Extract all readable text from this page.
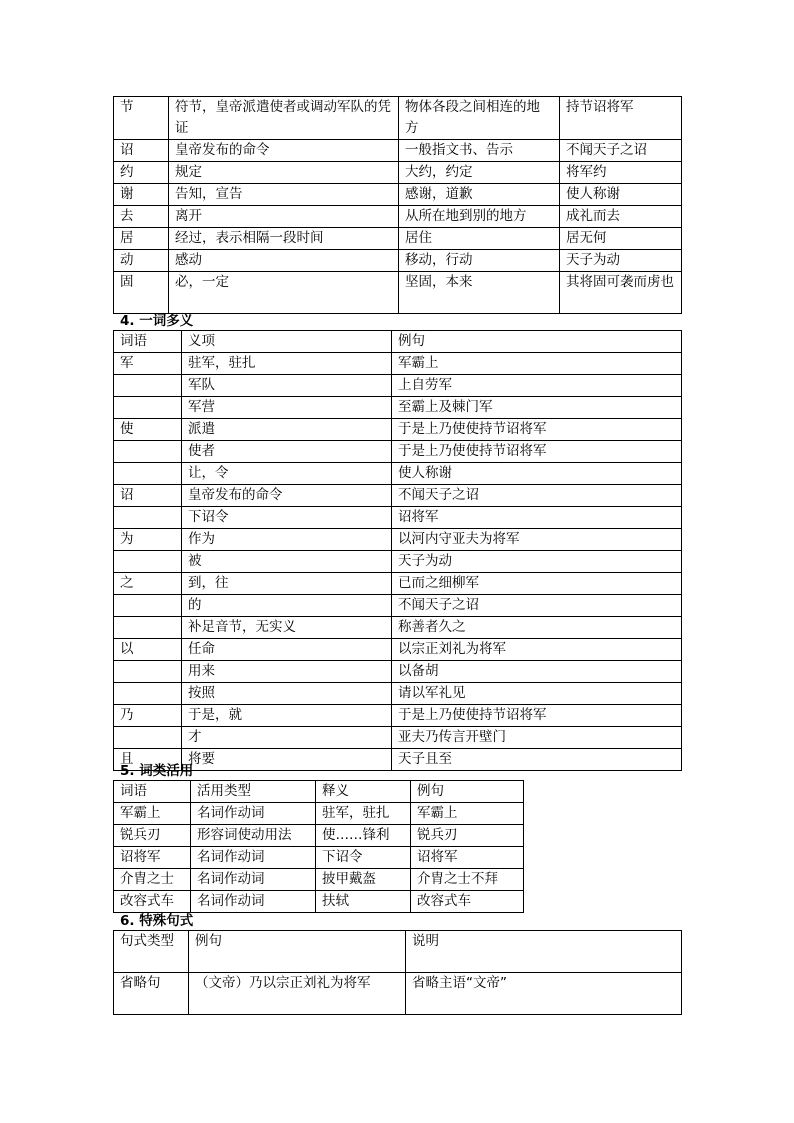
节	符节，皇帝派遣使者或调动军队的凭证	物体各段之间相连的地方	持节诏将军
诏	皇帝发布的命令	一般指文书、告示	不闻天子之诏
约	规定	大约，约定	将军约
谢	告知，宣告	感谢，道歉	使人称谢
去	离开	从所在地到别的地方	成礼而去
居	经过，表示相隔一段时间	居住	居无何
动	感动	移动，行动	天子为动
固	必，一定	坚固，本来	其将固可袭而虏也
4. 一词多义
词语	义项	例句
军	驻军，驻扎	军霸上
	军队	上自劳军
	军营	至霸上及棘门军
使	派遣	于是上乃使使持节诏将军
	使者	于是上乃使使持节诏将军
	让，令	使人称谢
诏	皇帝发布的命令	不闻天子之诏
	下诏令	诏将军
为	作为	以河内守亚夫为将军
	被	天子为动
之	到，往	已而之细柳军
	的	不闻天子之诏
	补足音节，无实义	称善者久之
以	任命	以宗正刘礼为将军
	用来	以备胡
	按照	请以军礼见
乃	于是，就	于是上乃使使持节诏将军
	才	亚夫乃传言开壁门
且	将要	天子且至
5. 词类活用
词语	活用类型	释义	例句
军霸上	名词作动词	驻军，驻扎	军霸上
锐兵刃	形容词使动用法	使……锋利	锐兵刃
诏将军	名词作动词	下诏令	诏将军
介胄之士	名词作动词	披甲戴盔	介胄之士不拜
改容式车	名词作动词	扶轼	改容式车
6. 特殊句式
句式类型	例句	说明
省略句	（文帝）乃以宗正刘礼为将军	省略主语“文帝”
